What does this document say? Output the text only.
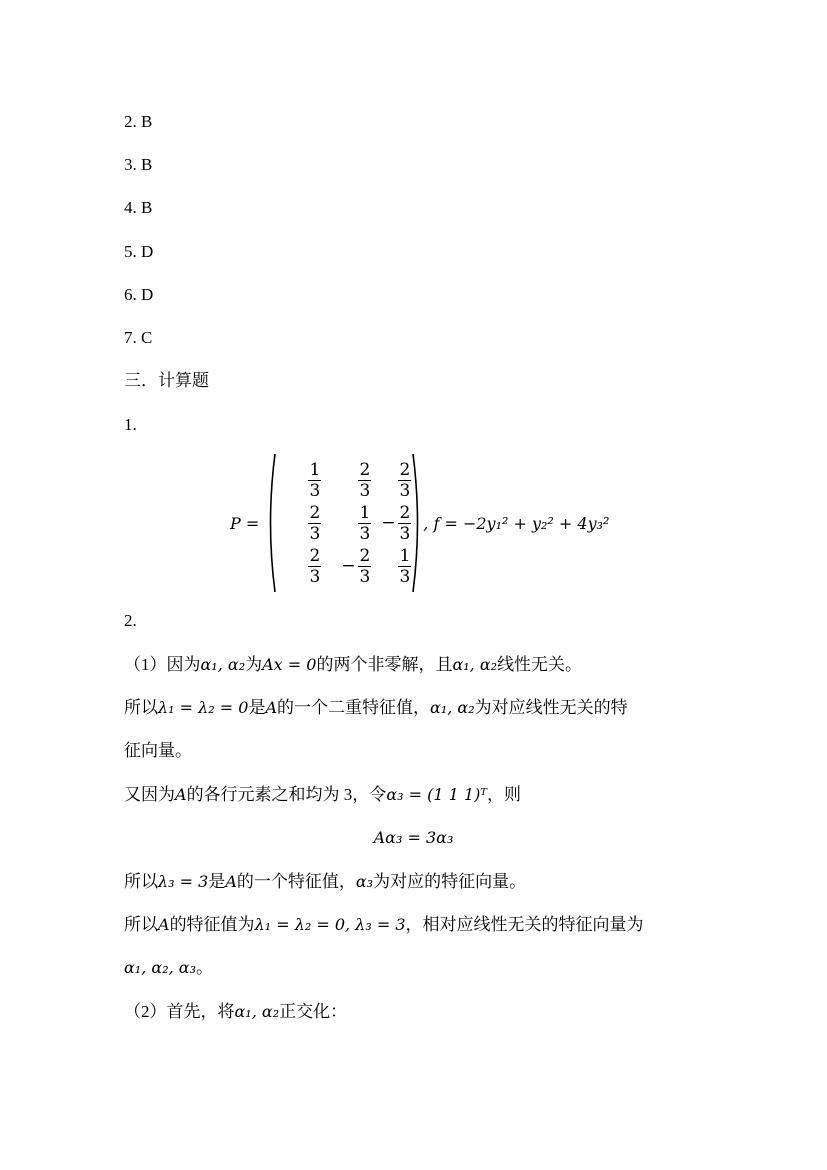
2. B
3. B
4. B
5. D
6. D
7. C
三．计算题
1.
P =
$\frac{1}{3} \frac{2}{3} \frac{2}{3}$
$\frac{2}{3} \frac{1}{3} - \frac{2}{3}$
$\frac{2}{3} - \frac{2}{3} \frac{1}{3}$
, f = −2y₁² + y₂² + 4y₃²
2.
（1）因为α₁, α₂为Ax = 0的两个非零解，且α₁, α₂线性无关。
所以λ₁ = λ₂ = 0是A的一个二重特征值，α₁, α₂为对应线性无关的特
征向量。
又因为A的各行元素之和均为 3，令α₃ = (1 1 1)ᵀ，则
Aα₃ = 3α₃
所以λ₃ = 3是A的一个特征值，α₃为对应的特征向量。
所以A的特征值为λ₁ = λ₂ = 0, λ₃ = 3，相对应线性无关的特征向量为
α₁, α₂, α₃。
（2）首先，将α₁, α₂正交化：
